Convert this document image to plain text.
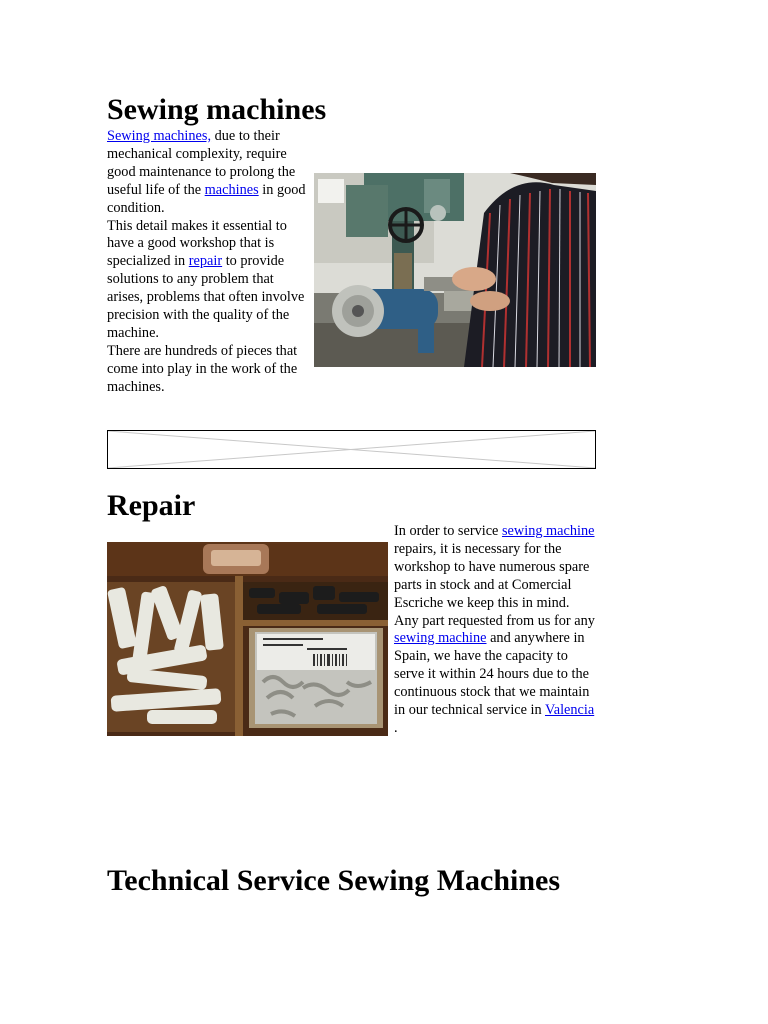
Sewing machines
Sewing machines, due to their mechanical complexity, require good maintenance to prolong the useful life of the machines in good condition.
This detail makes it essential to have a good workshop that is specialized in repair to provide solutions to any problem that arises, problems that often involve precision with the quality of the machine.
There are hundreds of pieces that come into play in the work of the machines.
Repair
In order to service sewing machine repairs, it is necessary for the workshop to have numerous spare parts in stock and at Comercial Escriche we keep this in mind.
Any part requested from us for any sewing machine and anywhere in Spain, we have the capacity to serve it within 24 hours due to the continuous stock that we maintain in our technical service in Valencia .
Technical Service Sewing Machines
